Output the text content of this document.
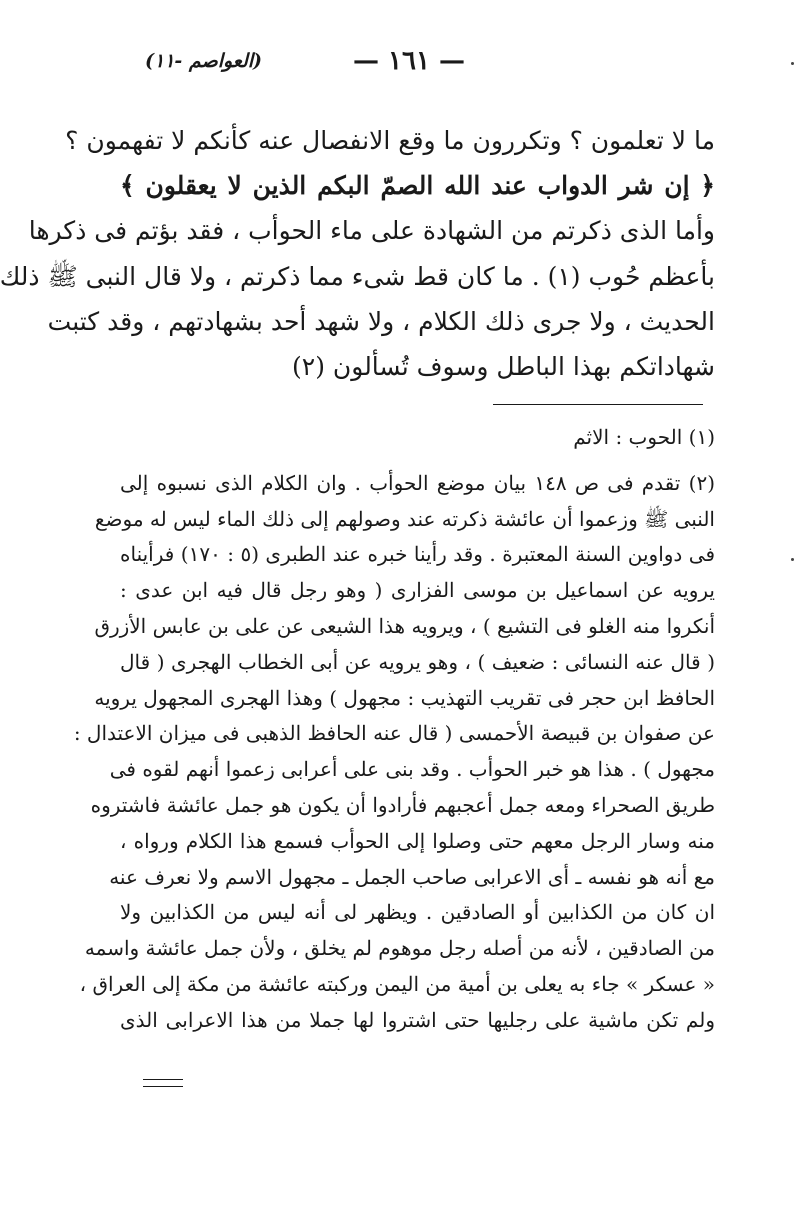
— ١٦١ —
(العواصم -١١)
ما لا تعلمون ؟ وتكررون ما وقع الانفصال عنه كأنكم لا تفهمون ؟
﴿ إن شر الدواب عند الله الصمّ البكم الذين لا يعقلون ﴾
وأما الذى ذكرتم من الشهادة على ماء الحوأب ، فقد بؤتم فى ذكرها
بأعظم حُوب (١) . ما كان قط شىء مما ذكرتم ، ولا قال النبى ﷺ ذلك
الحديث ، ولا جرى ذلك الكلام ، ولا شهد أحد بشهادتهم ، وقد كتبت
شهاداتكم بهذا الباطل وسوف تُسألون (٢)
(١) الحوب : الاثم
(٢) تقدم فى ص ١٤٨ بيان موضع الحوأب . وان الكلام الذى نسبوه إلى
النبى ﷺ وزعموا أن عائشة ذكرته عند وصولهم إلى ذلك الماء ليس له موضع
فى دواوين السنة المعتبرة . وقد رأينا خبره عند الطبرى (٥ : ١٧٠) فرأيناه
يرويه عن اسماعيل بن موسى الفزارى ( وهو رجل قال فيه ابن عدى :
أنكروا منه الغلو فى التشيع ) ، ويرويه هذا الشيعى عن على بن عابس الأزرق
( قال عنه النسائى : ضعيف ) ، وهو يرويه عن أبى الخطاب الهجرى ( قال
الحافظ ابن حجر فى تقريب التهذيب : مجهول ) وهذا الهجرى المجهول يرويه
عن صفوان بن قبيصة الأحمسى ( قال عنه الحافظ الذهبى فى ميزان الاعتدال :
مجهول ) . هذا هو خبر الحوأب . وقد بنى على أعرابى زعموا أنهم لقوه فى
طريق الصحراء ومعه جمل أعجبهم فأرادوا أن يكون هو جمل عائشة فاشتروه
منه وسار الرجل معهم حتى وصلوا إلى الحوأب فسمع هذا الكلام ورواه ،
مع أنه هو نفسه ـ أى الاعرابى صاحب الجمل ـ مجهول الاسم ولا نعرف عنه
ان كان من الكذابين أو الصادقين . ويظهر لى أنه ليس من الكذابين ولا
من الصادقين ، لأنه من أصله رجل موهوم لم يخلق ، ولأن جمل عائشة واسمه
« عسكر » جاء به يعلى بن أمية من اليمن وركبته عائشة من مكة إلى العراق ،
ولم تكن ماشية على رجليها حتى اشتروا لها جملا من هذا الاعرابى الذى
